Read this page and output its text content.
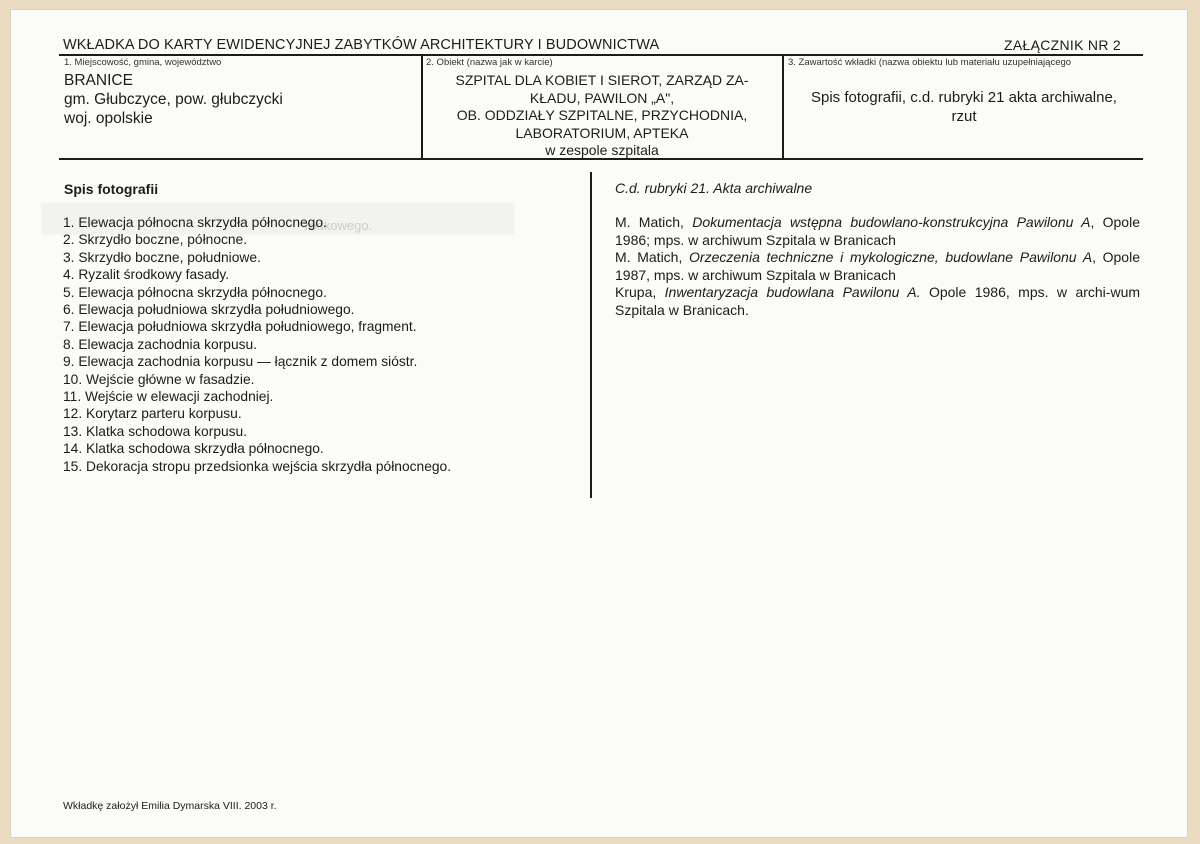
WKŁADKA DO KARTY EWIDENCYJNEJ ZABYTKÓW ARCHITEKTURY I BUDOWNICTWA	ZAŁĄCZNIK NR 2
1. Miejscowość, gmina, województwo
BRANICE
gm. Głubczyce, pow. głubczycki
woj. opolskie
2. Obiekt (nazwa jak w karcie)
SZPITAL DLA KOBIET I SIEROT, ZARZĄD ZA-
KŁADU, PAWILON „A",
OB. ODDZIAŁY SZPITALNE, PRZYCHODNIA,
LABORATORIUM, APTEKA
w zespole szpitala
3. Zawartość wkładki (nazwa obiektu lub materiału uzupełniającego
Spis fotografii, c.d. rubryki 21 akta archiwalne,
rzut
Spis fotografii
rodkowego.
1. Elewacja północna skrzydła północnego.
2. Skrzydło boczne, północne.
3. Skrzydło boczne, południowe.
4. Ryzalit środkowy fasady.
5. Elewacja północna skrzydła północnego.
6. Elewacja południowa skrzydła południowego.
7. Elewacja południowa skrzydła południowego, fragment.
8. Elewacja zachodnia korpusu.
9. Elewacja zachodnia korpusu — łącznik z domem sióstr.
10. Wejście główne w fasadzie.
11. Wejście w elewacji zachodniej.
12. Korytarz parteru korpusu.
13. Klatka schodowa korpusu.
14. Klatka schodowa skrzydła północnego.
15. Dekoracja stropu przedsionka wejścia skrzydła północnego.
C.d. rubryki 21. Akta archiwalne

M. Matich, Dokumentacja wstępna budowlano-konstrukcyjna Pawilonu A, Opole 1986; mps. w archiwum Szpitala w Branicach

M. Matich, Orzeczenia techniczne i mykologiczne, budowlane Pawilonu A, Opole 1987, mps. w archiwum Szpitala w Branicach

Krupa, Inwentaryzacja budowlana Pawilonu A. Opole 1986, mps. w archi-wum Szpitala w Branicach.

Wkładkę założył Emilia Dymarska VIII. 2003 r.
